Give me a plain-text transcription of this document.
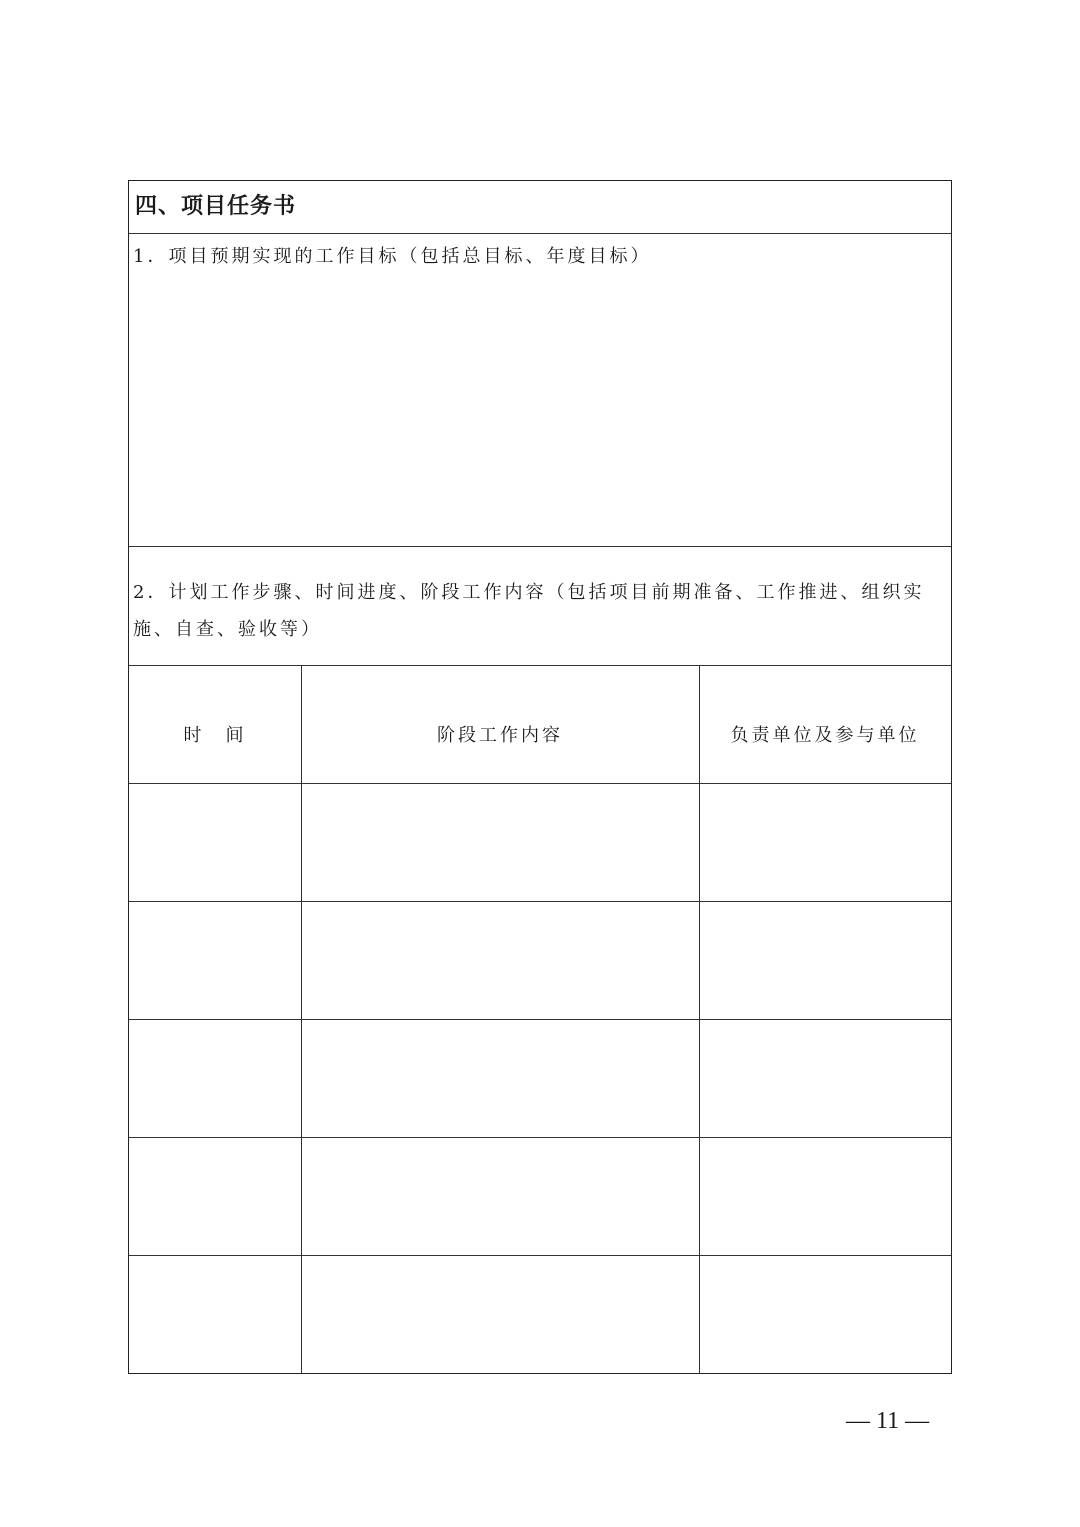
四、项目任务书
1．项目预期实现的工作目标（包括总目标、年度目标）
2．计划工作步骤、时间进度、阶段工作内容（包括项目前期准备、工作推进、组织实
施、自查、验收等）
时　间	阶段工作内容	负责单位及参与单位
— 11 —
